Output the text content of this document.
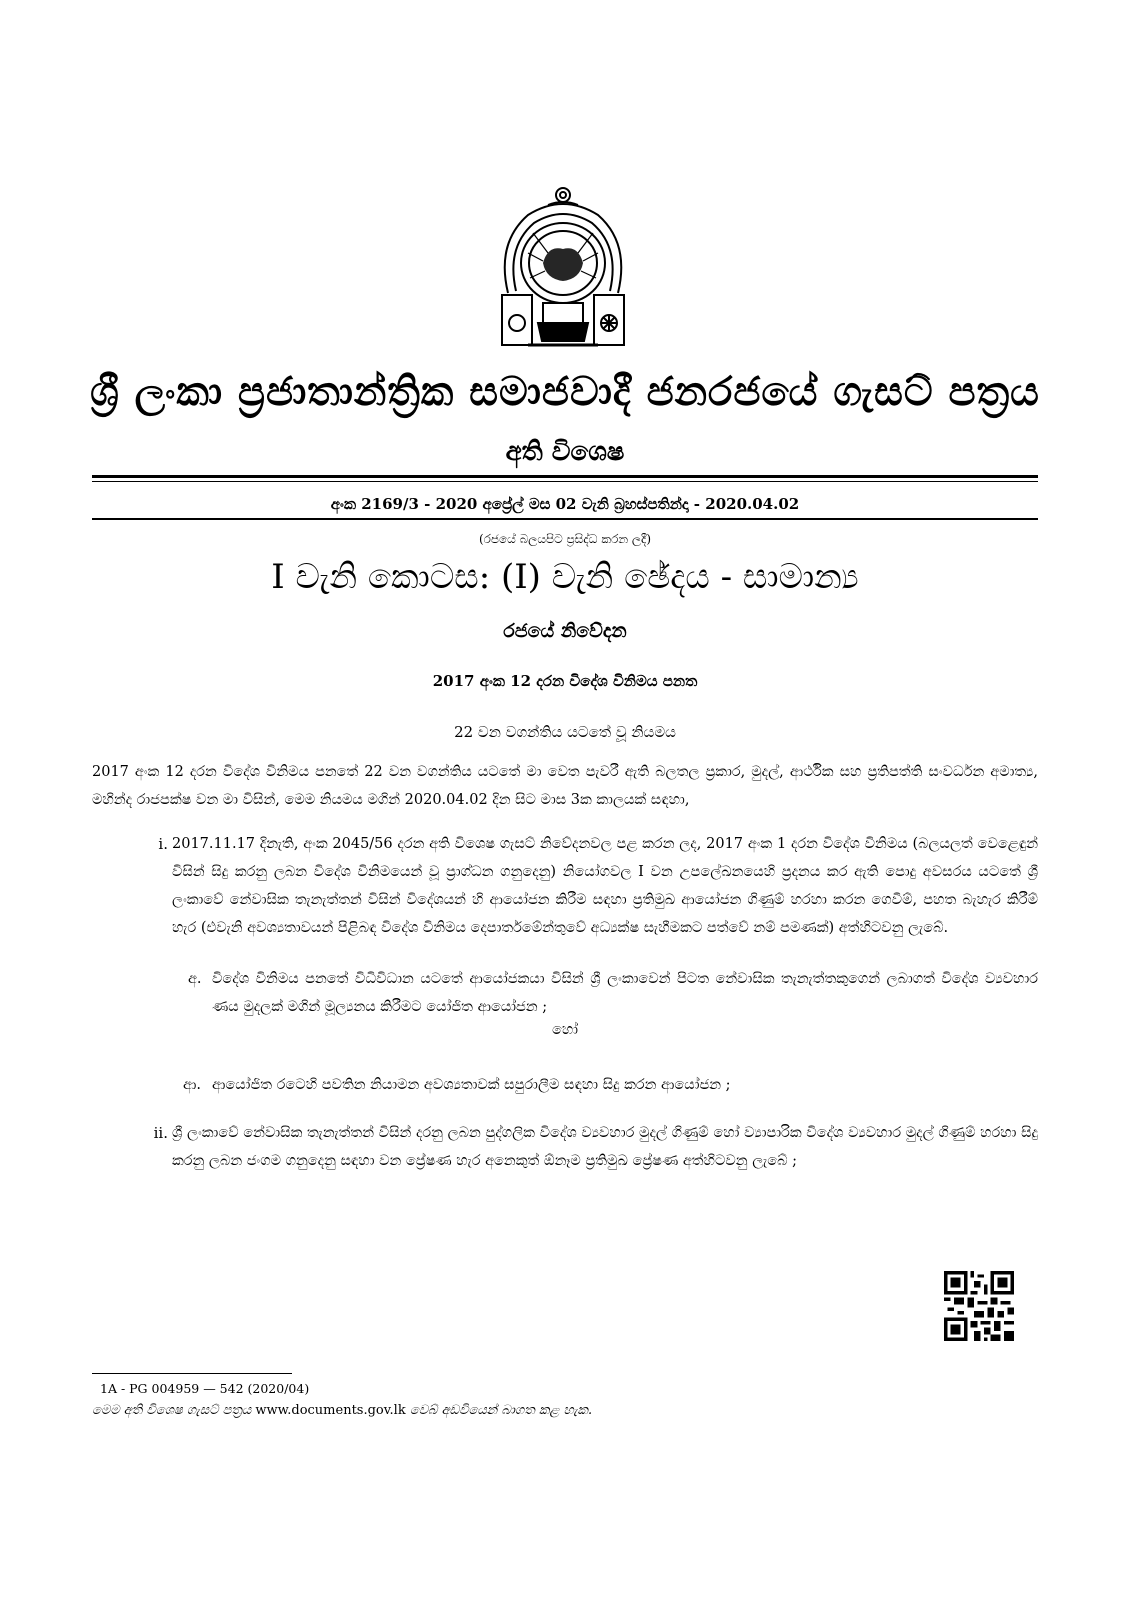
ශ්‍රී ලංකා ප්‍රජාතාන්ත්‍රික සමාජවාදී ජනරජයේ ගැසට් පත්‍රය
අති විශෙෂ
අංක 2169/3 - 2020 අප්‍රේල් මස 02 වැනි බ්‍රහස්පතින්දා - 2020.04.02
(රජයේ බලයපිට ප්‍රසිද්ධ කරන ලදී)
I වැනි කොටස: (I) වැනි ඡේදය - සාමාන්‍ය
රජයේ නිවේදන
2017 අංක 12 දරන විදේශ විනිමය පනත
22 වන වගන්තිය යටතේ වූ නියමය
2017 අංක 12 දරන විදේශ විනිමය පනතේ 22 වන වගන්තිය යටතේ මා වෙත පැවරී ඇති බලතල ප්‍රකාර, මුදල්, ආර්ථික සහ ප්‍රතිපත්ති සංවර්ධන අමාත්‍ය, මහින්ද රාජපක්ෂ වන මා විසින්, මෙම නියමය මගින් 2020.04.02 දින සිට මාස 3ක කාලයක් සඳහා,
i. 2017.11.17 දිනැති, අංක 2045/56 දරන අති විශෙෂ ගැසට් නිවේදනවල පළ කරන ලද, 2017 අංක 1 දරන විදේශ විනිමය (බලයලත් වෙළෙඳුන් විසින් සිදු කරනු ලබන විදේශ විනිමයෙන් වූ ප්‍රාග්ධන ගනුදෙනු) නියෝගවල I වන උපලේඛනයෙහි ප්‍රදනය කර ඇති පොදු අවසරය යටතේ ශ්‍රී ලංකාවේ නේවාසික තැනැත්තන් විසින් විදේශයන් හි ආයෝජන කිරීම සඳහා ප්‍රතිමුඛ ආයෝජන ගිණුම් හරහා කරන ගෙවීම්, පහත බැහැර කිරීම් හැර (එවැනි අවශ්‍යතාවයන් පිළිබඳ විදේශ විනිමය දෙපාර්තමේන්තුවේ අධ්‍යක්ෂ සැහීමකට පත්වේ නම් පමණක්) අත්හිටවනු ලැබේ.
අ. විදේශ විනිමය පනතේ විධිවිධාන යටතේ ආයෝජකයා විසින් ශ්‍රී ලංකාවෙන් පිටත නේවාසික තැනැත්තකුගෙන් ලබාගත් විදේශ ව්‍යවහාර ණය මුදලක් මගින් මූල්‍යනය කිරීමට යෝජිත ආයෝජන ;
හෝ
ආ. ආයෝජිත රටෙහි පවතින නියාමන අවශ්‍යතාවක් සපුරාලීම සඳහා සිදු කරන ආයෝජන ;
ii. ශ්‍රී ලංකාවේ නේවාසික තැනැත්තන් විසින් දරනු ලබන පුද්ගලික විදේශ ව්‍යවහාර මුදල් ගිණුම් හෝ ව්‍යාපාරික විදේශ ව්‍යවහාර මුදල් ගිණුම් හරහා සිදු කරනු ලබන ජංගම ගනුදෙනු සඳහා වන ප්‍රේෂණ හැර අනෙකුත් ඕනෑම ප්‍රතිමුඛ ප්‍රේෂණ අත්හිටවනු ලැබේ ;
1A - PG 004959 — 542 (2020/04)
මෙම අති විශෙෂ ගැසට් පත්‍රය www.documents.gov.lk වෙබ් අඩවියෙන් බාගත කළ හැක.
